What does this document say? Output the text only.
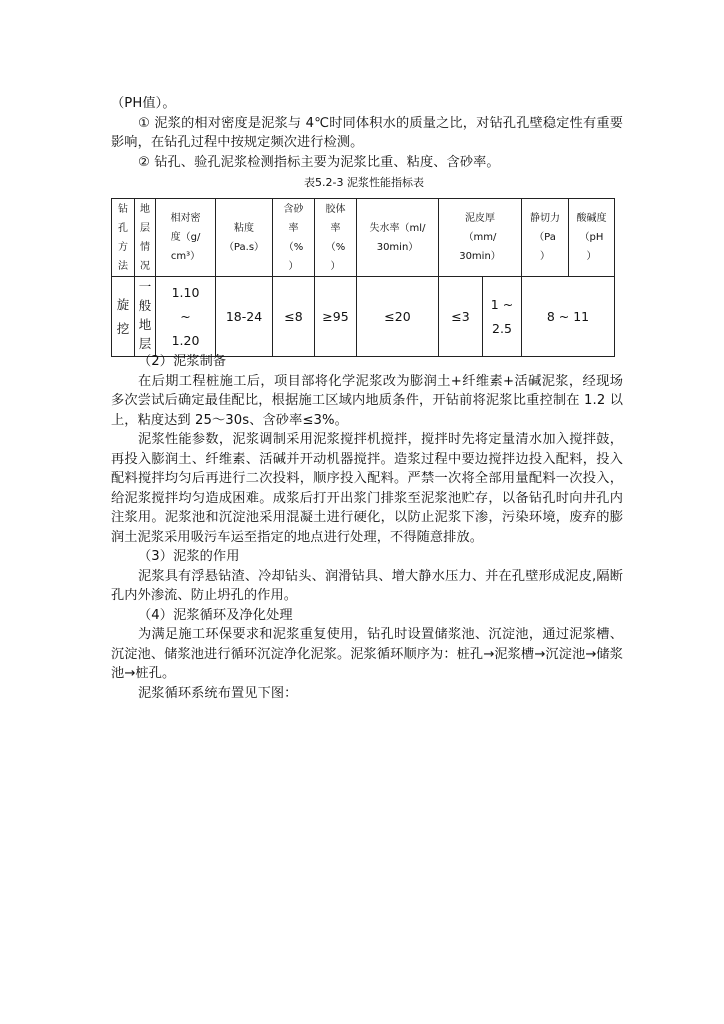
（PH值）。

① 泥浆的相对密度是泥浆与 4℃时同体积水的质量之比，对钻孔孔壁稳定性有重要影响，在钻孔过程中按规定频次进行检测。

② 钻孔、验孔泥浆检测指标主要为泥浆比重、粘度、含砂率。

表5.2-3 泥浆性能指标表
钻
孔
方
法	地
层
情
况	相对密
度（g/
cm³）	粘度
（Pa.s）	含砂
率
（%
）	胶体
率
（%
）	失水率（ml/
30min）	泥皮厚
（mm/
30min）		静切力
（Pa
）	酸碱度
（pH
）
旋
挖	一
般
地
层	1.10
~
1.20	18-24	≤8	≥95	≤20	≤3	1 ~
2.5	8 ~ 11	

（2）泥浆制备

在后期工程桩施工后，项目部将化学泥浆改为膨润土+纤维素+活碱泥浆，经现场多次尝试后确定最佳配比，根据施工区域内地质条件，开钻前将泥浆比重控制在 1.2 以上，粘度达到 25～30s、含砂率≤3%。

泥浆性能参数，泥浆调制采用泥浆搅拌机搅拌，搅拌时先将定量清水加入搅拌鼓，再投入膨润土、纤维素、活碱并开动机器搅拌。造浆过程中要边搅拌边投入配料，投入配料搅拌均匀后再进行二次投料，顺序投入配料。严禁一次将全部用量配料一次投入，给泥浆搅拌均匀造成困难。成浆后打开出浆门排浆至泥浆池贮存，以备钻孔时向井孔内注浆用。泥浆池和沉淀池采用混凝土进行硬化，以防止泥浆下渗，污染环境，废弃的膨润土泥浆采用吸污车运至指定的地点进行处理，不得随意排放。

（3）泥浆的作用

泥浆具有浮悬钻渣、冷却钻头、润滑钻具、增大静水压力、并在孔壁形成泥皮,隔断孔内外渗流、防止坍孔的作用。

（4）泥浆循环及净化处理

为满足施工环保要求和泥浆重复使用，钻孔时设置储浆池、沉淀池，通过泥浆槽、沉淀池、储浆池进行循环沉淀净化泥浆。泥浆循环顺序为：桩孔→泥浆槽→沉淀池→储浆池→桩孔。

泥浆循环系统布置见下图：
